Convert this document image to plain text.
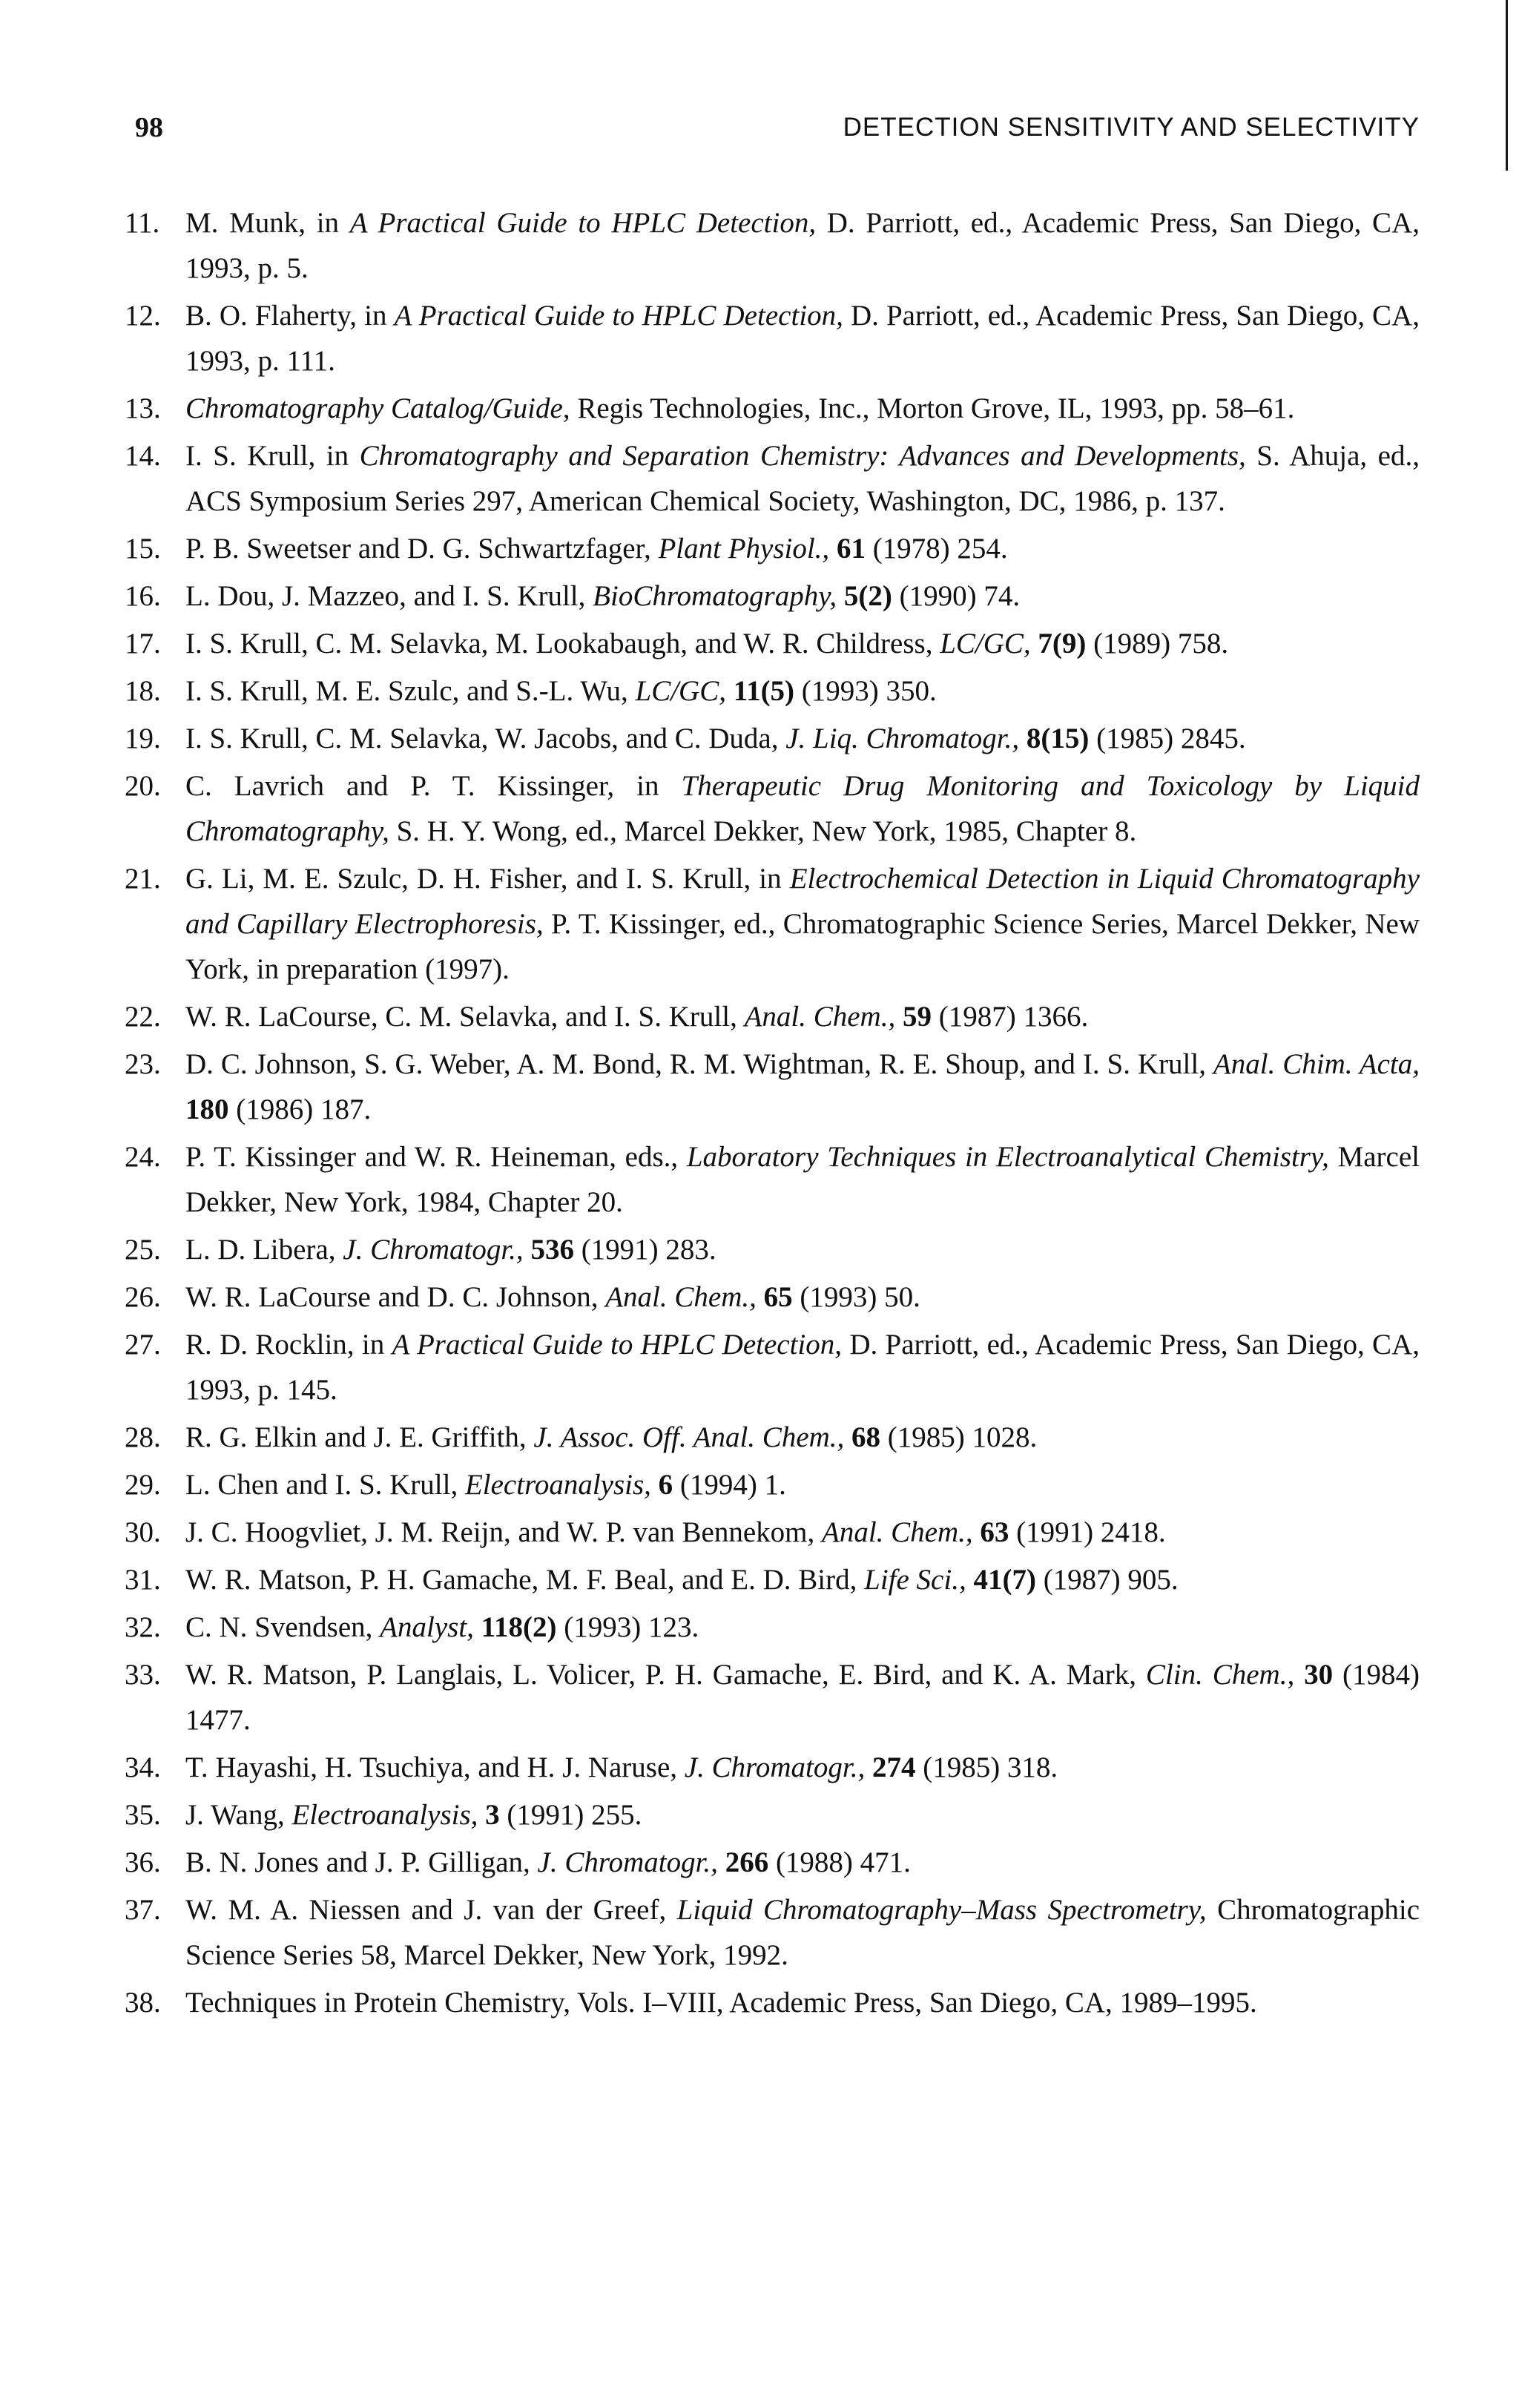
98	DETECTION SENSITIVITY AND SELECTIVITY
11. M. Munk, in A Practical Guide to HPLC Detection, D. Parriott, ed., Academic Press, San Diego, CA, 1993, p. 5.
12. B. O. Flaherty, in A Practical Guide to HPLC Detection, D. Parriott, ed., Academic Press, San Diego, CA, 1993, p. 111.
13. Chromatography Catalog/Guide, Regis Technologies, Inc., Morton Grove, IL, 1993, pp. 58–61.
14. I. S. Krull, in Chromatography and Separation Chemistry: Advances and Developments, S. Ahuja, ed., ACS Symposium Series 297, American Chemical Society, Washington, DC, 1986, p. 137.
15. P. B. Sweetser and D. G. Schwartzfager, Plant Physiol., 61 (1978) 254.
16. L. Dou, J. Mazzeo, and I. S. Krull, BioChromatography, 5(2) (1990) 74.
17. I. S. Krull, C. M. Selavka, M. Lookabaugh, and W. R. Childress, LC/GC, 7(9) (1989) 758.
18. I. S. Krull, M. E. Szulc, and S.-L. Wu, LC/GC, 11(5) (1993) 350.
19. I. S. Krull, C. M. Selavka, W. Jacobs, and C. Duda, J. Liq. Chromatogr., 8(15) (1985) 2845.
20. C. Lavrich and P. T. Kissinger, in Therapeutic Drug Monitoring and Toxicology by Liquid Chromatography, S. H. Y. Wong, ed., Marcel Dekker, New York, 1985, Chapter 8.
21. G. Li, M. E. Szulc, D. H. Fisher, and I. S. Krull, in Electrochemical Detection in Liquid Chromatography and Capillary Electrophoresis, P. T. Kissinger, ed., Chromatographic Science Series, Marcel Dekker, New York, in preparation (1997).
22. W. R. LaCourse, C. M. Selavka, and I. S. Krull, Anal. Chem., 59 (1987) 1366.
23. D. C. Johnson, S. G. Weber, A. M. Bond, R. M. Wightman, R. E. Shoup, and I. S. Krull, Anal. Chim. Acta, 180 (1986) 187.
24. P. T. Kissinger and W. R. Heineman, eds., Laboratory Techniques in Electroanalytical Chemistry, Marcel Dekker, New York, 1984, Chapter 20.
25. L. D. Libera, J. Chromatogr., 536 (1991) 283.
26. W. R. LaCourse and D. C. Johnson, Anal. Chem., 65 (1993) 50.
27. R. D. Rocklin, in A Practical Guide to HPLC Detection, D. Parriott, ed., Academic Press, San Diego, CA, 1993, p. 145.
28. R. G. Elkin and J. E. Griffith, J. Assoc. Off. Anal. Chem., 68 (1985) 1028.
29. L. Chen and I. S. Krull, Electroanalysis, 6 (1994) 1.
30. J. C. Hoogvliet, J. M. Reijn, and W. P. van Bennekom, Anal. Chem., 63 (1991) 2418.
31. W. R. Matson, P. H. Gamache, M. F. Beal, and E. D. Bird, Life Sci., 41(7) (1987) 905.
32. C. N. Svendsen, Analyst, 118(2) (1993) 123.
33. W. R. Matson, P. Langlais, L. Volicer, P. H. Gamache, E. Bird, and K. A. Mark, Clin. Chem., 30 (1984) 1477.
34. T. Hayashi, H. Tsuchiya, and H. J. Naruse, J. Chromatogr., 274 (1985) 318.
35. J. Wang, Electroanalysis, 3 (1991) 255.
36. B. N. Jones and J. P. Gilligan, J. Chromatogr., 266 (1988) 471.
37. W. M. A. Niessen and J. van der Greef, Liquid Chromatography–Mass Spectrometry, Chromatographic Science Series 58, Marcel Dekker, New York, 1992.
38. Techniques in Protein Chemistry, Vols. I–VIII, Academic Press, San Diego, CA, 1989–1995.
